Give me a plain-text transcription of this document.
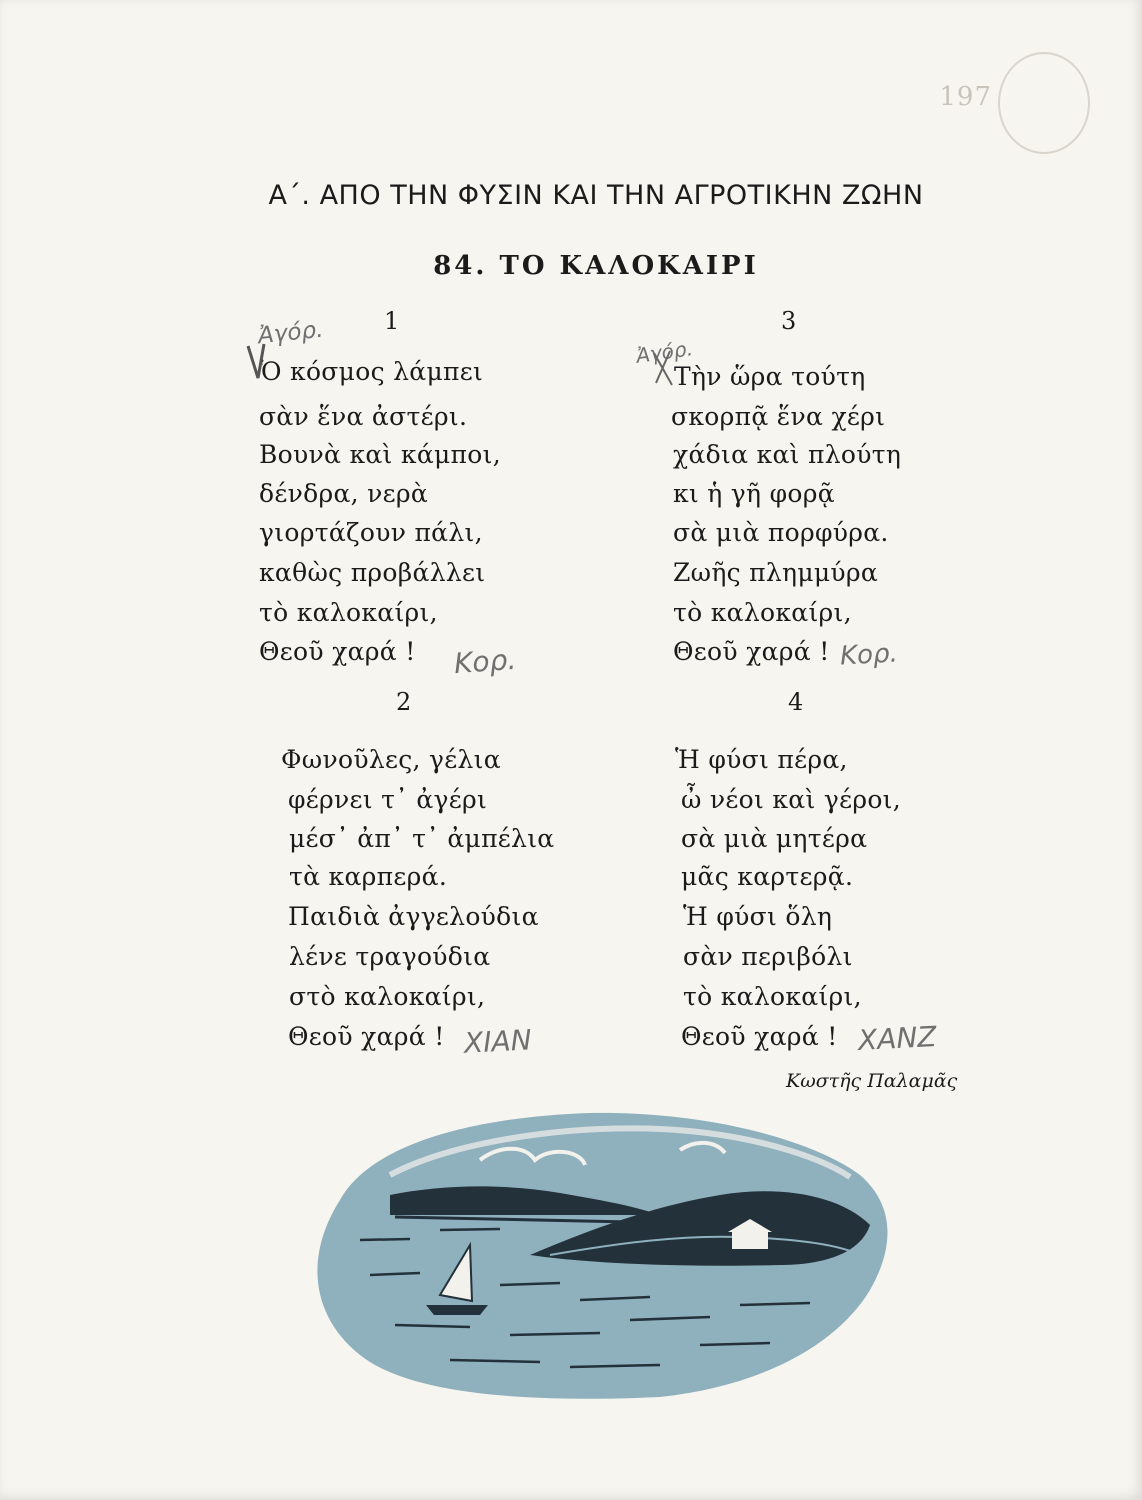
197
Α΄. ΑΠΟ ΤΗΝ ΦΥΣΙΝ ΚΑΙ ΤΗΝ ΑΓΡΟΤΙΚΗΝ ΖΩΗΝ
84. ΤΟ ΚΑΛΟΚΑΙΡΙ
1
Ὁ κόσμος λάμπει
σὰν ἕνα ἀστέρι.
Βουνὰ καὶ κάμποι,
δένδρα, νερὰ
γιορτάζουν πάλι,
καθὼς προβάλλει
τὸ καλοκαίρι,
Θεοῦ χαρά !
2
Φωνοῦλες, γέλια
φέρνει τ᾽ ἀγέρι
μέσ᾽ ἀπ᾽ τ᾽ ἀμπέλια
τὰ καρπερά.
Παιδιὰ ἀγγελούδια
λένε τραγούδια
στὸ καλοκαίρι,
Θεοῦ χαρά !
3
Τὴν ὥρα τούτη
σκορπᾷ ἕνα χέρι
χάδια καὶ πλούτη
κι ἡ γῆ φορᾷ
σὰ μιὰ πορφύρα.
Ζωῆς πλημμύρα
τὸ καλοκαίρι,
Θεοῦ χαρά !
4
Ἡ φύσι πέρα,
ὦ νέοι καὶ γέροι,
σὰ μιὰ μητέρα
μᾶς καρτερᾷ.
Ἡ φύσι ὅλη
σὰν περιβόλι
τὸ καλοκαίρι,
Θεοῦ χαρά !
Κωστῆς Παλαμᾶς
Ἀγόρ.
Κορ.
ΧΙΑΝ
Ἀγόρ.
Κορ.
ΧΑΝΖ
